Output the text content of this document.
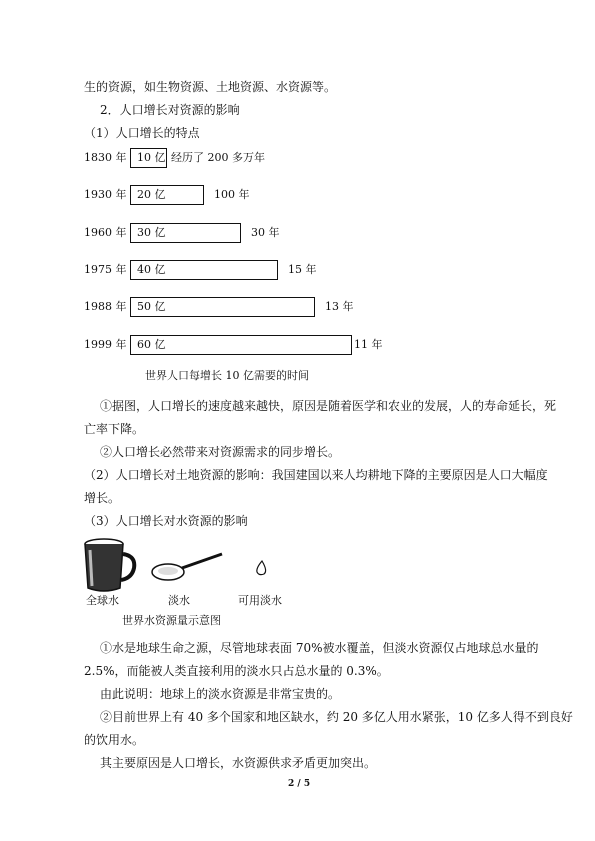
生的资源，如生物资源、土地资源、水资源等。
2．人口增长对资源的影响
（1）人口增长的特点
1830 年 10 亿 经历了 200 多万年
1930 年 20 亿	100 年
1960 年 30 亿	30 年
1975 年 40 亿	15 年
1988 年 50 亿	13 年
1999 年 60 亿	11 年
世界人口每增长 10 亿需要的时间
①据图，人口增长的速度越来越快，原因是随着医学和农业的发展，人的寿命延长，死
亡率下降。
②人口增长必然带来对资源需求的同步增长。
（2）人口增长对土地资源的影响：我国建国以来人均耕地下降的主要原因是人口大幅度
增长。
（3）人口增长对水资源的影响
全球水	淡水	可用淡水
世界水资源量示意图
①水是地球生命之源，尽管地球表面 70%被水覆盖，但淡水资源仅占地球总水量的
2.5%，而能被人类直接利用的淡水只占总水量的 0.3%。
由此说明：地球上的淡水资源是非常宝贵的。
②目前世界上有 40 多个国家和地区缺水，约 20 多亿人用水紧张，10 亿多人得不到良好
的饮用水。
其主要原因是人口增长，水资源供求矛盾更加突出。
2 / 5
